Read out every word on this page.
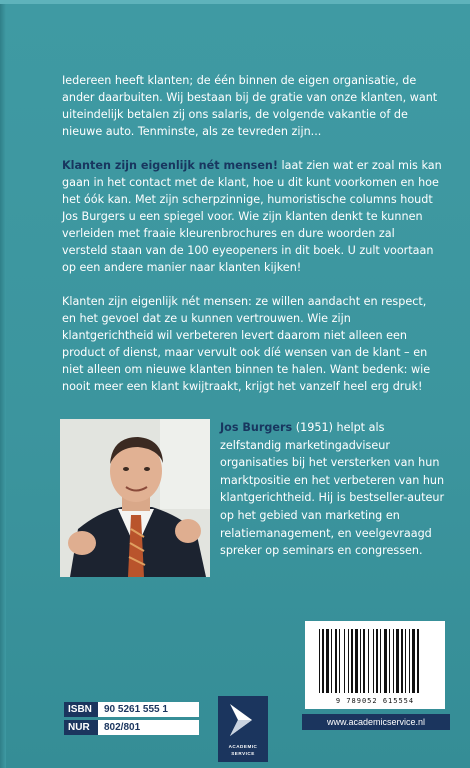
Iedereen heeft klanten; de één binnen de eigen organisatie, de ander daarbuiten. Wij bestaan bij de gratie van onze klanten, want uiteindelijk betalen zij ons salaris, de volgende vakantie of de nieuwe auto. Tenminste, als ze tevreden zijn...

Klanten zijn eigenlijk nét mensen! laat zien wat er zoal mis kan gaan in het contact met de klant, hoe u dit kunt voorkomen en hoe het óók kan. Met zijn scherpzinnige, humoristische columns houdt Jos Burgers u een spiegel voor. Wie zijn klanten denkt te kunnen verleiden met fraaie kleurenbrochures en dure woorden zal versteld staan van de 100 eyeopeners in dit boek. U zult voortaan op een andere manier naar klanten kijken!

Klanten zijn eigenlijk nét mensen: ze willen aandacht en respect, en het gevoel dat ze u kunnen vertrouwen. Wie zijn klantgerichtheid wil verbeteren levert daarom niet alleen een product of dienst, maar vervult ook díé wensen van de klant – en niet alleen om nieuwe klanten binnen te halen. Want bedenk: wie nooit meer een klant kwijtraakt, krijgt het vanzelf heel erg druk!

Jos Burgers (1951) helpt als zelfstandig marketingadviseur organisaties bij het versterken van hun marktpositie en het verbeteren van hun klantgerichtheid. Hij is bestseller-auteur op het gebied van marketing en relatiemanagement, en veelgevraagd spreker op seminars en congressen.

9 789052 615554
ISBN	90 5261 555 1
NUR	802/801
ACADEMIC
SERVICE
www.academicservice.nl
